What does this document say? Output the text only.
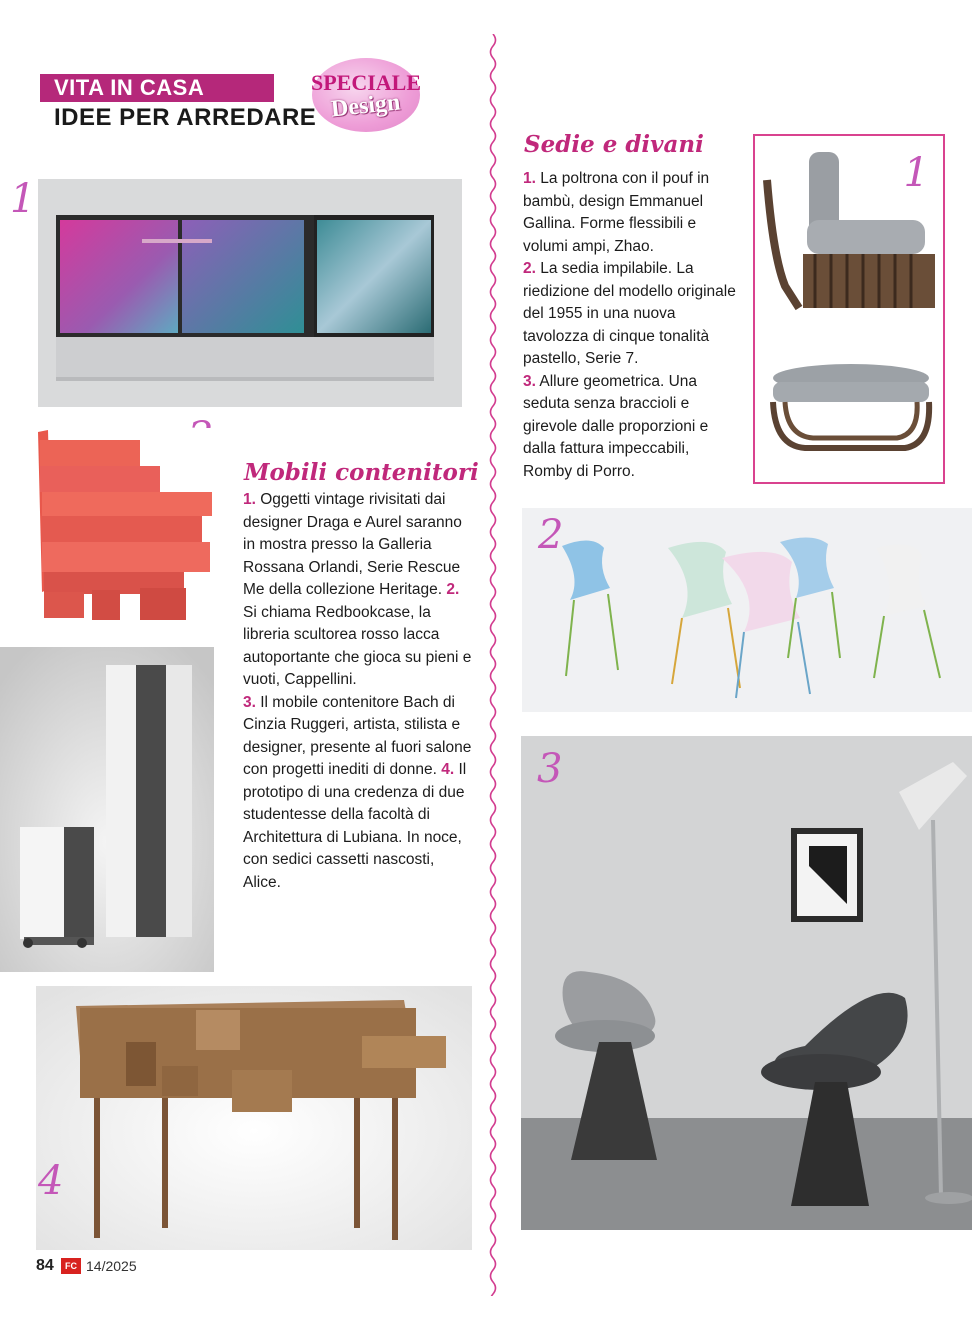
VITA IN CASA
IDEE PER ARREDARE
SPECIALE
Design
1
4
Mobili contenitori
1. Oggetti vintage rivisitati dai designer Draga e Aurel saranno in mostra presso la Galleria Rossana Orlandi, Serie Rescue Me della collezione Heritage. 2. Si chiama Redbookcase, la libreria scultorea rosso lacca autoportante che gioca su pieni e vuoti, Cappellini.
3. Il mobile contenitore Bach di Cinzia Ruggeri, artista, stilista e designer, presente al fuori salone con progetti inediti di donne. 4. Il prototipo di una credenza di due studentesse della facoltà di Architettura di Lubiana. In noce, con sedici cassetti nascosti, Alice.
Sedie e divani
1. La poltrona con il pouf in bambù, design Emmanuel Gallina. Forme flessibili e volumi ampi, Zhao.
2. La sedia impilabile. La riedizione del modello originale del 1955 in una nuova tavolozza di cinque tonalità pastello, Serie 7.
3. Allure geometrica. Una seduta senza braccioli e girevole dalle proporzioni e dalla fattura impeccabili, Romby di Porro.
1
2
3
84	FC 14/2025
